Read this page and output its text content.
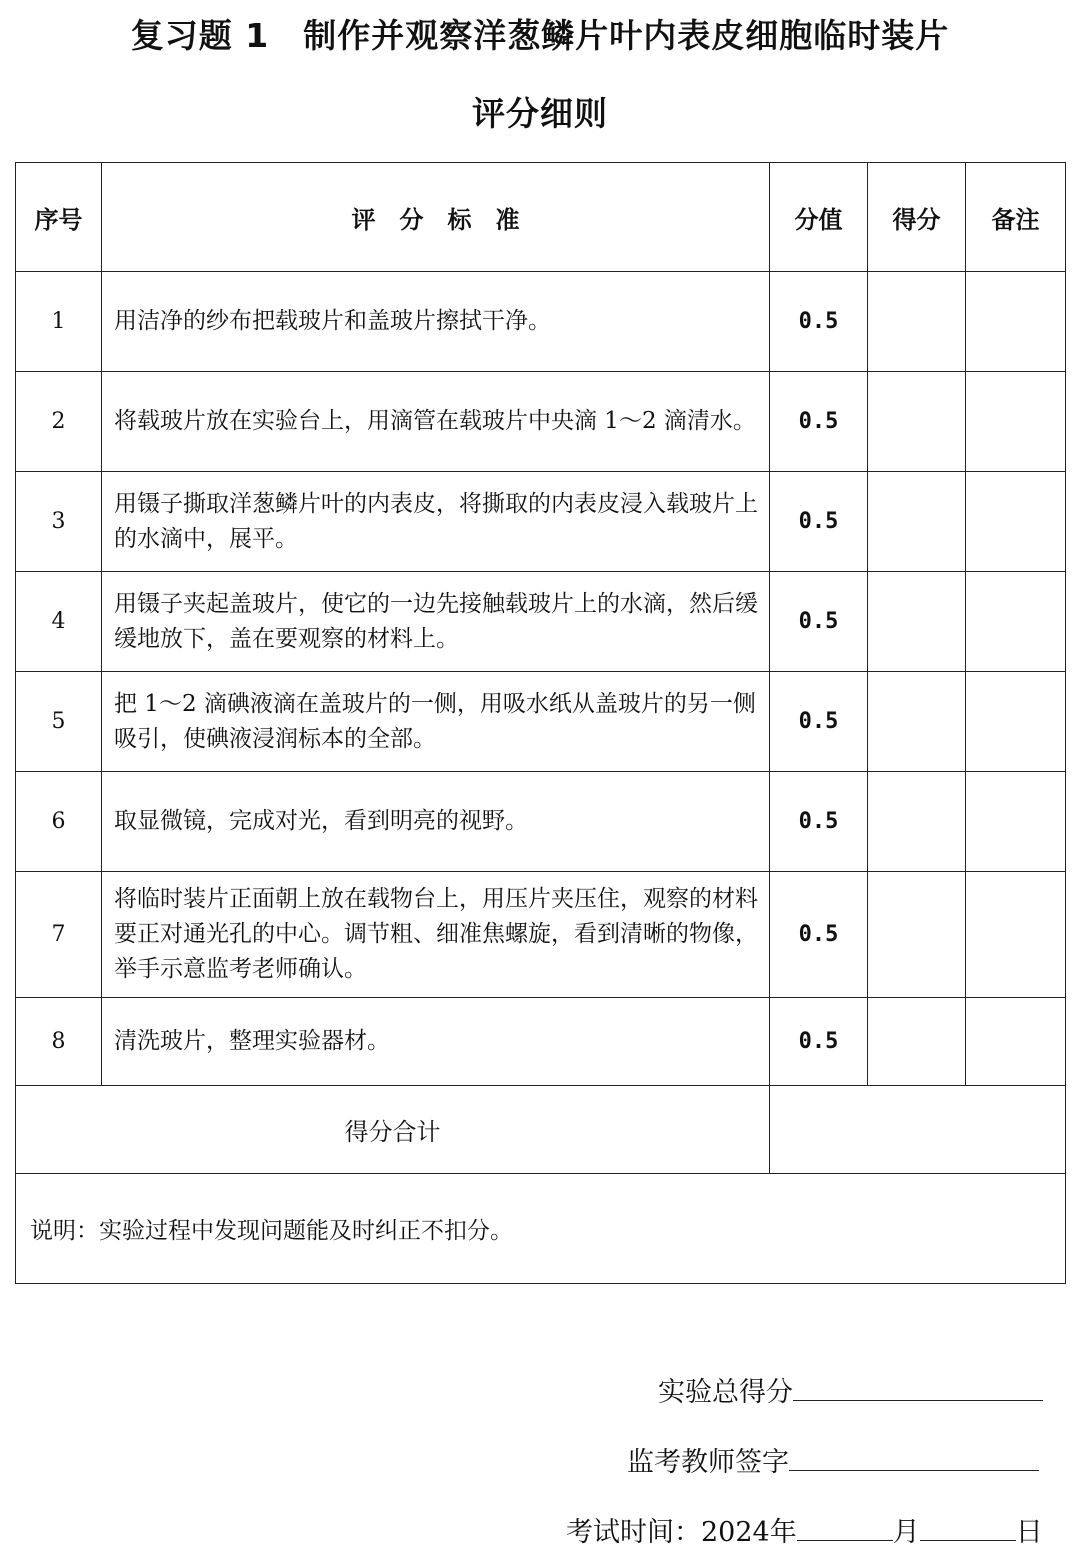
复习题 1　制作并观察洋葱鳞片叶内表皮细胞临时装片
评分细则
序号	评　分　标　准	分值	得分	备注
1	用洁净的纱布把载玻片和盖玻片擦拭干净。	0.5		
2	将载玻片放在实验台上，用滴管在载玻片中央滴 1～2 滴清水。	0.5		
3	用镊子撕取洋葱鳞片叶的内表皮，将撕取的内表皮浸入载玻片上的水滴中，展平。	0.5		
4	用镊子夹起盖玻片，使它的一边先接触载玻片上的水滴，然后缓缓地放下，盖在要观察的材料上。	0.5		
5	把 1～2 滴碘液滴在盖玻片的一侧，用吸水纸从盖玻片的另一侧吸引，使碘液浸润标本的全部。	0.5		
6	取显微镜，完成对光，看到明亮的视野。	0.5		
7	将临时装片正面朝上放在载物台上，用压片夹压住，观察的材料要正对通光孔的中心。调节粗、细准焦螺旋，看到清晰的物像，举手示意监考老师确认。	0.5		
8	清洗玻片，整理实验器材。	0.5		
得分合计				
说明：实验过程中发现问题能及时纠正不扣分。				
实验总得分
监考教师签字
考试时间：2024年	月	日
